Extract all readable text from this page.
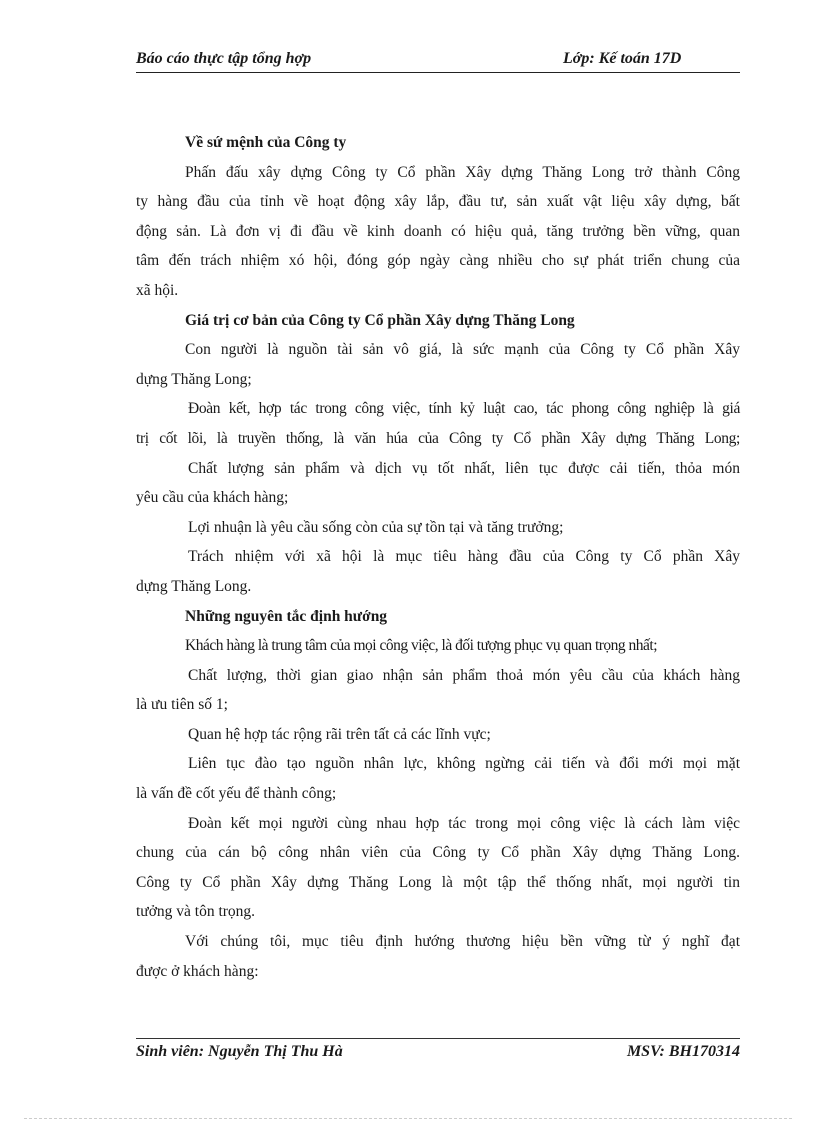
Báo cáo thực tập tổng hợp	Lớp: Kế toán 17D
Về sứ mệnh của Công ty
Phấn đấu xây dựng Công ty Cổ phần Xây dựng Thăng Long trở thành Công
ty hàng đầu của tỉnh về hoạt động xây lắp, đầu tư, sản xuất vật liệu xây dựng, bất
động sản. Là đơn vị đi đầu về kinh doanh có hiệu quả, tăng trưởng bền vững, quan
tâm đến trách nhiệm xó hội, đóng góp ngày càng nhiều cho sự phát triển chung của
xã hội.
Giá trị cơ bản của Công ty Cổ phần Xây dựng Thăng Long
Con người là nguồn tài sản vô giá, là sức mạnh của Công ty Cổ phần Xây
dựng Thăng Long;
Đoàn kết, hợp tác trong công việc, tính kỷ luật cao, tác phong công nghiệp là giá
trị cốt lõi, là truyền thống, là văn húa của Công ty Cổ phần Xây dựng Thăng Long;
Chất lượng sản phẩm và dịch vụ tốt nhất, liên tục được cải tiến, thỏa món
yêu cầu của khách hàng;
Lợi nhuận là yêu cầu sống còn của sự tồn tại và tăng trưởng;
Trách nhiệm với xã hội là mục tiêu hàng đầu của Công ty Cổ phần Xây
dựng Thăng Long.
Những nguyên tắc định hướng
Khách hàng là trung tâm của mọi công việc, là đối tượng phục vụ quan trọng nhất;
Chất lượng, thời gian giao nhận sản phẩm thoả món yêu cầu của khách hàng
là ưu tiên số 1;
Quan hệ hợp tác rộng rãi trên tất cả các lĩnh vực;
Liên tục đào tạo nguồn nhân lực, không ngừng cải tiến và đổi mới mọi mặt
là vấn đề cốt yếu để thành công;
Đoàn kết mọi người cùng nhau hợp tác trong mọi công việc là cách làm việc
chung của cán bộ công nhân viên của Công ty Cổ phần Xây dựng Thăng Long.
Công ty Cổ phần Xây dựng Thăng Long là một tập thể thống nhất, mọi người tin
tưởng và tôn trọng.
Với chúng tôi, mục tiêu định hướng thương hiệu bền vững từ ý nghĩ đạt
được ở khách hàng:
Sinh viên: Nguyễn Thị Thu Hà	MSV: BH170314
